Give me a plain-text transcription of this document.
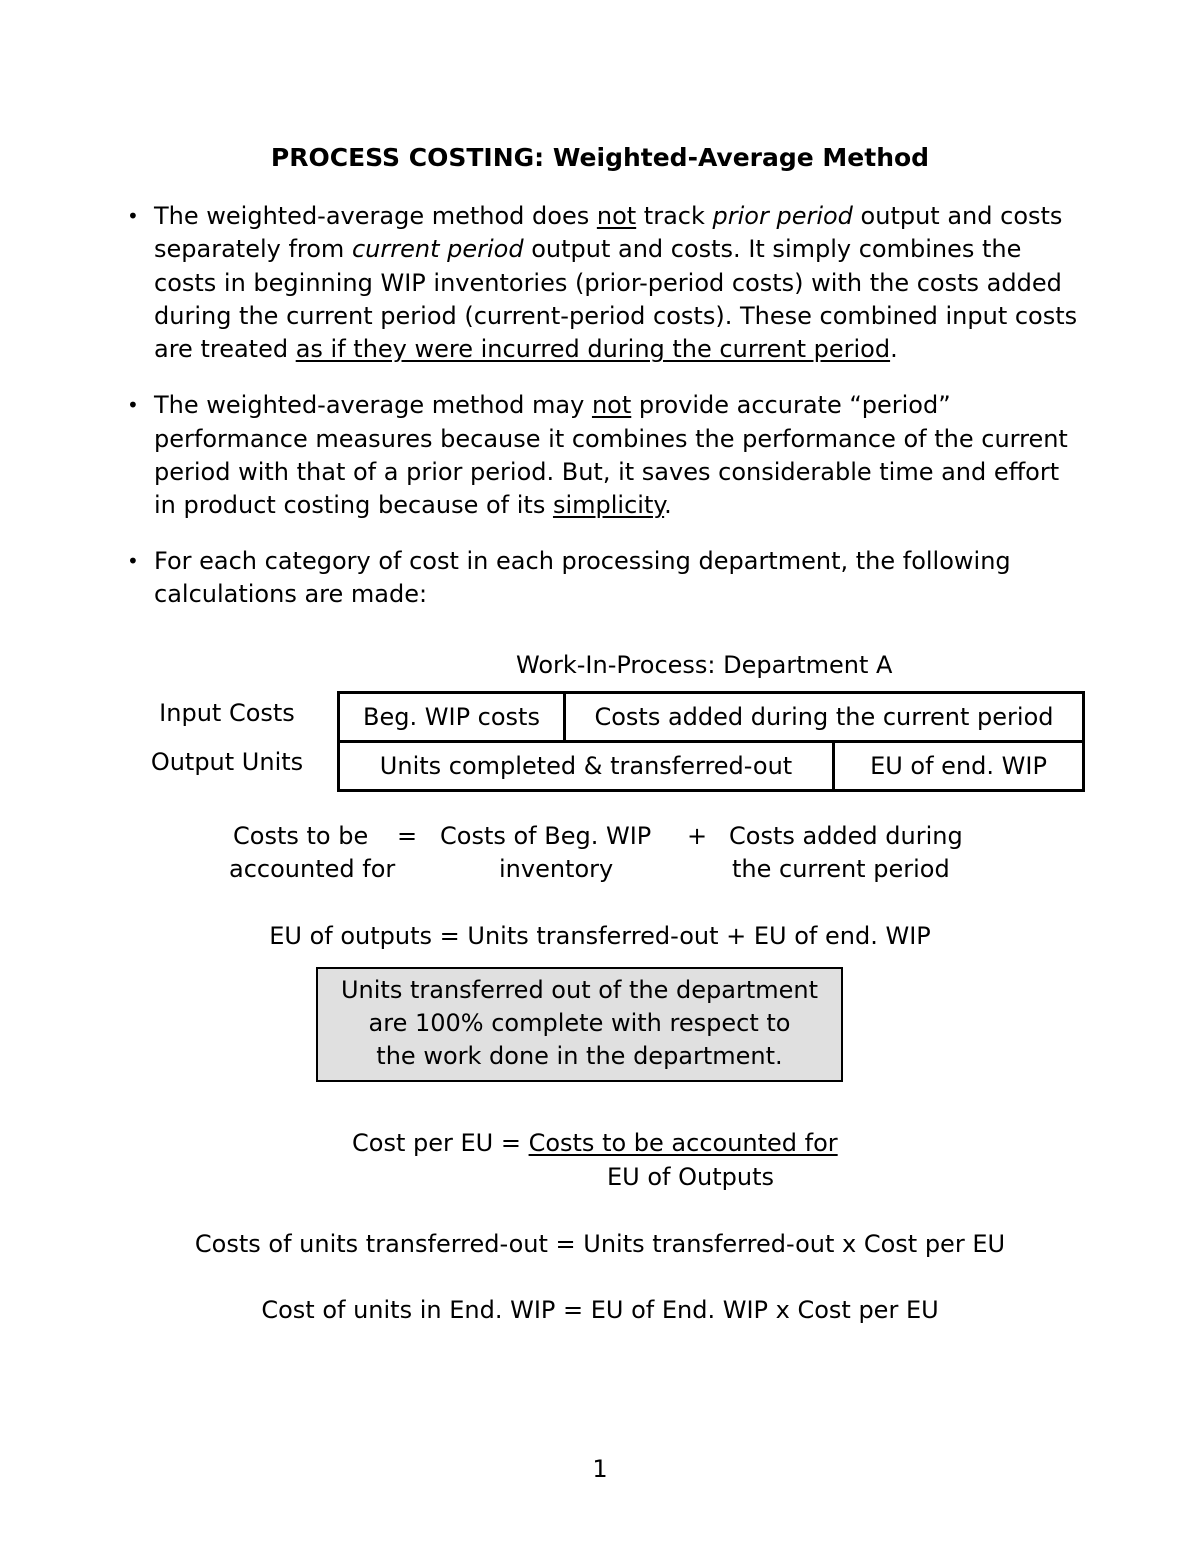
PROCESS COSTING: Weighted-Average Method
• The weighted-average method does not track prior period output and costs separately from current period output and costs. It simply combines the costs in beginning WIP inventories (prior-period costs) with the costs added during the current period (current-period costs). These combined input costs are treated as if they were incurred during the current period.
• The weighted-average method may not provide accurate “period” performance measures because it combines the performance of the current period with that of a prior period. But, it saves considerable time and effort in product costing because of its simplicity.
• For each category of cost in each processing department, the following calculations are made:
Work-In-Process: Department A
Input Costs
Output Units
Beg. WIP costs	Costs added during the current period
Units completed & transferred-out	EU of end. WIP
Costs to be
accounted for
= Costs of Beg. WIP
inventory
+ Costs added during
the current period
EU of outputs = Units transferred-out + EU of end. WIP
Units transferred out of the department
are 100% complete with respect to
the work done in the department.
Cost per EU = Costs to be accounted for
EU of Outputs
Costs of units transferred-out = Units transferred-out x Cost per EU
Cost of units in End. WIP = EU of End. WIP x Cost per EU
1
